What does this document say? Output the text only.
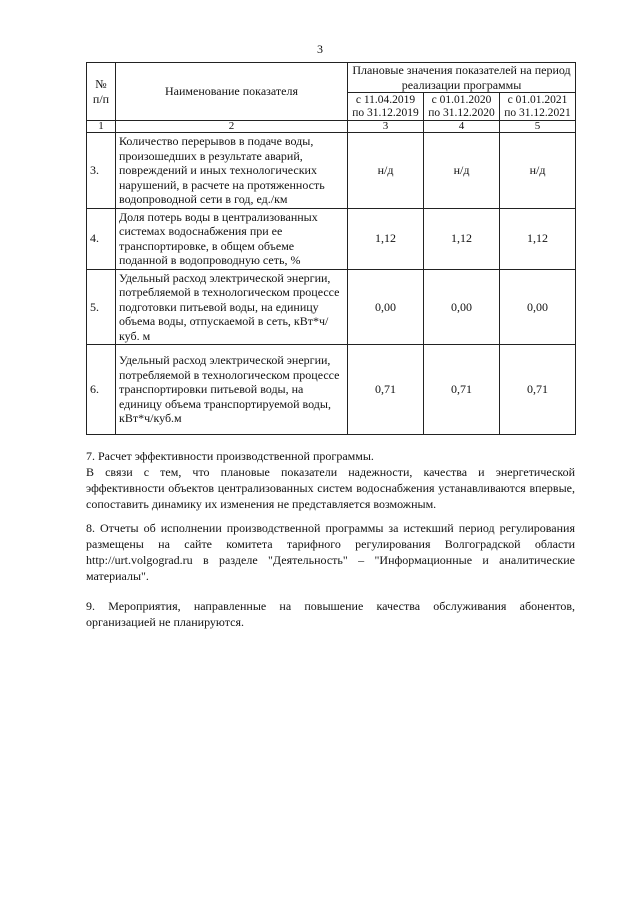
3
№ п/п	Наименование показателя	Плановые значения показателей на период реализации программы		
		с 11.04.2019 по 31.12.2019	с 01.01.2020 по 31.12.2020	с 01.01.2021 по 31.12.2021
1	2	3	4	5
3.	Количество перерывов в подаче воды, произошедших в результате аварий, повреждений и иных технологических нарушений, в расчете на протяженность водопроводной сети в год, ед./км	н/д	н/д	н/д
4.	Доля потерь воды в централизованных системах водоснабжения при ее транспортировке, в общем объеме поданной в водопроводную сеть, %	1,12	1,12	1,12
5.	Удельный расход электрической энергии, потребляемой в технологическом процессе подготовки питьевой воды, на единицу объема воды, отпускаемой в сеть, кВт*ч/куб. м	0,00	0,00	0,00
6.	Удельный расход электрической энергии, потребляемой в технологическом процессе транспортировки питьевой воды, на единицу объема транспортируемой воды, кВт*ч/куб.м	0,71	0,71	0,71

7. Расчет эффективности производственной программы.

В связи с тем, что плановые показатели надежности, качества и энергетической эффективности объектов централизованных систем водоснабжения устанавливаются впервые, сопоставить динамику их изменения не представляется возможным.

8. Отчеты об исполнении производственной программы за истекший период регулирования размещены на сайте комитета тарифного регулирования Волгоградской области http://urt.volgograd.ru в разделе "Деятельность" – "Информационные и аналитические материалы".

9. Мероприятия, направленные на повышение качества обслуживания абонентов, организацией не планируются.
